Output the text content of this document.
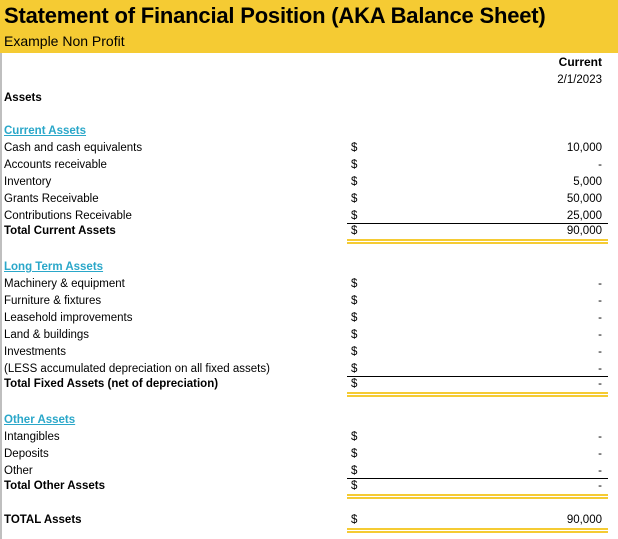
Statement of Financial Position (AKA Balance Sheet)
Example Non Profit
Current
2/1/2023
Assets
Current Assets
Cash and cash equivalents	$	10,000
Accounts receivable	$	-
Inventory	$	5,000
Grants Receivable	$	50,000
Contributions Receivable	$	25,000
Total Current Assets	$	90,000
Long Term Assets
Machinery & equipment	$	-
Furniture & fixtures	$	-
Leasehold improvements	$	-
Land & buildings	$	-
Investments	$	-
(LESS accumulated depreciation on all fixed assets)	$	-
Total Fixed Assets (net of depreciation)	$	-
Other Assets
Intangibles	$	-
Deposits	$	-
Other	$	-
Total Other Assets	$	-
TOTAL Assets	$	90,000
